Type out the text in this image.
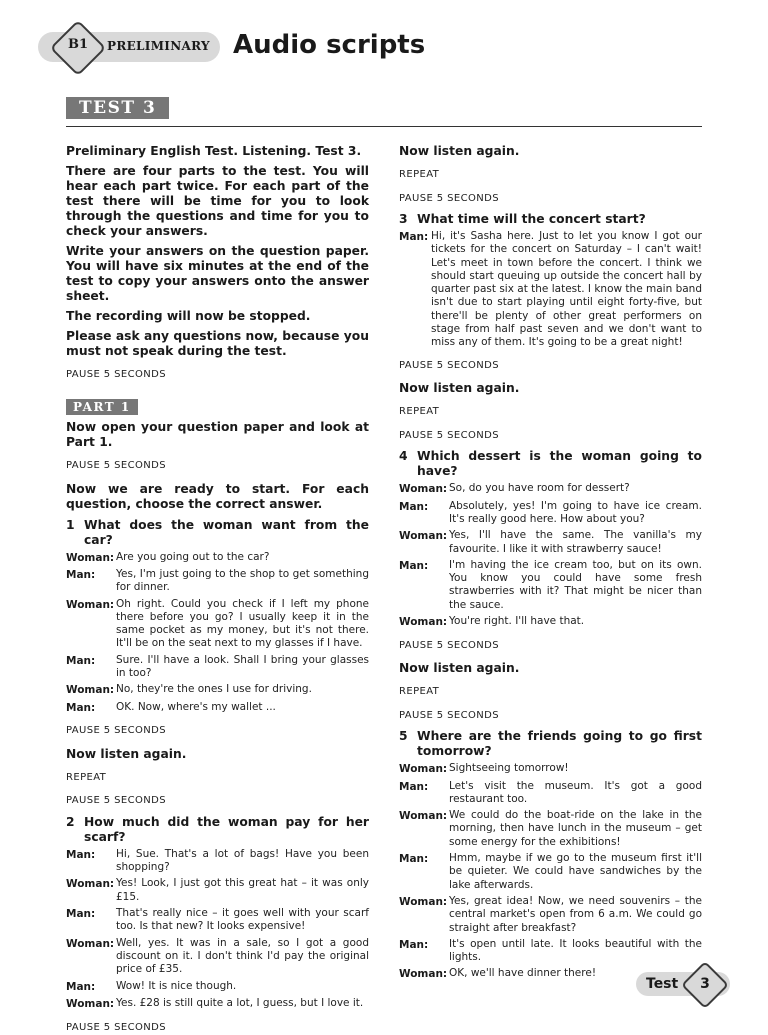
B1	PRELIMINARY Audio scripts
TEST 3

Preliminary English Test. Listening. Test 3.

There are four parts to the test. You will hear each part twice. For each part of the test there will be time for you to look through the questions and time for you to check your answers.

Write your answers on the question paper. You will have six minutes at the end of the test to copy your answers onto the answer sheet.

The recording will now be stopped.

Please ask any questions now, because you must not speak during the test.

PAUSE 5 SECONDS

PART 1

Now open your question paper and look at Part 1.

PAUSE 5 SECONDS

Now we are ready to start. For each question, choose the correct answer.

1 What does the woman want from the car?
Woman: Are you going out to the car?
Man:	Yes, I'm just going to the shop to get something for dinner.
Woman: Oh right. Could you check if I left my phone there before you go? I usually keep it in the same pocket as my money, but it's not there. It'll be on the seat next to my glasses if I have.
Man:	Sure. I'll have a look. Shall I bring your glasses in too?
Woman: No, they're the ones I use for driving.
Man:	OK. Now, where's my wallet ...

PAUSE 5 SECONDS

Now listen again.

REPEAT

PAUSE 5 SECONDS

2 How much did the woman pay for her scarf?
Man:	Hi, Sue. That's a lot of bags! Have you been shopping?
Woman: Yes! Look, I just got this great hat – it was only £15.
Man:	That's really nice – it goes well with your scarf too. Is that new? It looks expensive!
Woman: Well, yes. It was in a sale, so I got a good discount on it. I don't think I'd pay the original price of £35.
Man:	Wow! It is nice though.
Woman: Yes. £28 is still quite a lot, I guess, but I love it.

PAUSE 5 SECONDS

Now listen again.

REPEAT

PAUSE 5 SECONDS

3 What time will the concert start?
Man: Hi, it's Sasha here. Just to let you know I got our tickets for the concert on Saturday – I can't wait! Let's meet in town before the concert. I think we should start queuing up outside the concert hall by quarter past six at the latest. I know the main band isn't due to start playing until eight forty-five, but there'll be plenty of other great performers on stage from half past seven and we don't want to miss any of them. It's going to be a great night!

PAUSE 5 SECONDS

Now listen again.

REPEAT

PAUSE 5 SECONDS

4 Which dessert is the woman going to have?
Woman: So, do you have room for dessert?
Man:	Absolutely, yes! I'm going to have ice cream. It's really good here. How about you?
Woman: Yes, I'll have the same. The vanilla's my favourite. I like it with strawberry sauce!
Man:	I'm having the ice cream too, but on its own. You know you could have some fresh strawberries with it? That might be nicer than the sauce.
Woman: You're right. I'll have that.

PAUSE 5 SECONDS

Now listen again.

REPEAT

PAUSE 5 SECONDS

5 Where are the friends going to go first tomorrow?
Woman: Sightseeing tomorrow!
Man:	Let's visit the museum. It's got a good restaurant too.
Woman: We could do the boat-ride on the lake in the morning, then have lunch in the museum – get some energy for the exhibitions!
Man:	Hmm, maybe if we go to the museum first it'll be quieter. We could have sandwiches by the lake afterwards.
Woman: Yes, great idea! Now, we need souvenirs – the central market's open from 6 a.m. We could go straight after breakfast?
Man:	It's open until late. It looks beautiful with the lights.
Woman: OK, we'll have dinner there!
Test	3
